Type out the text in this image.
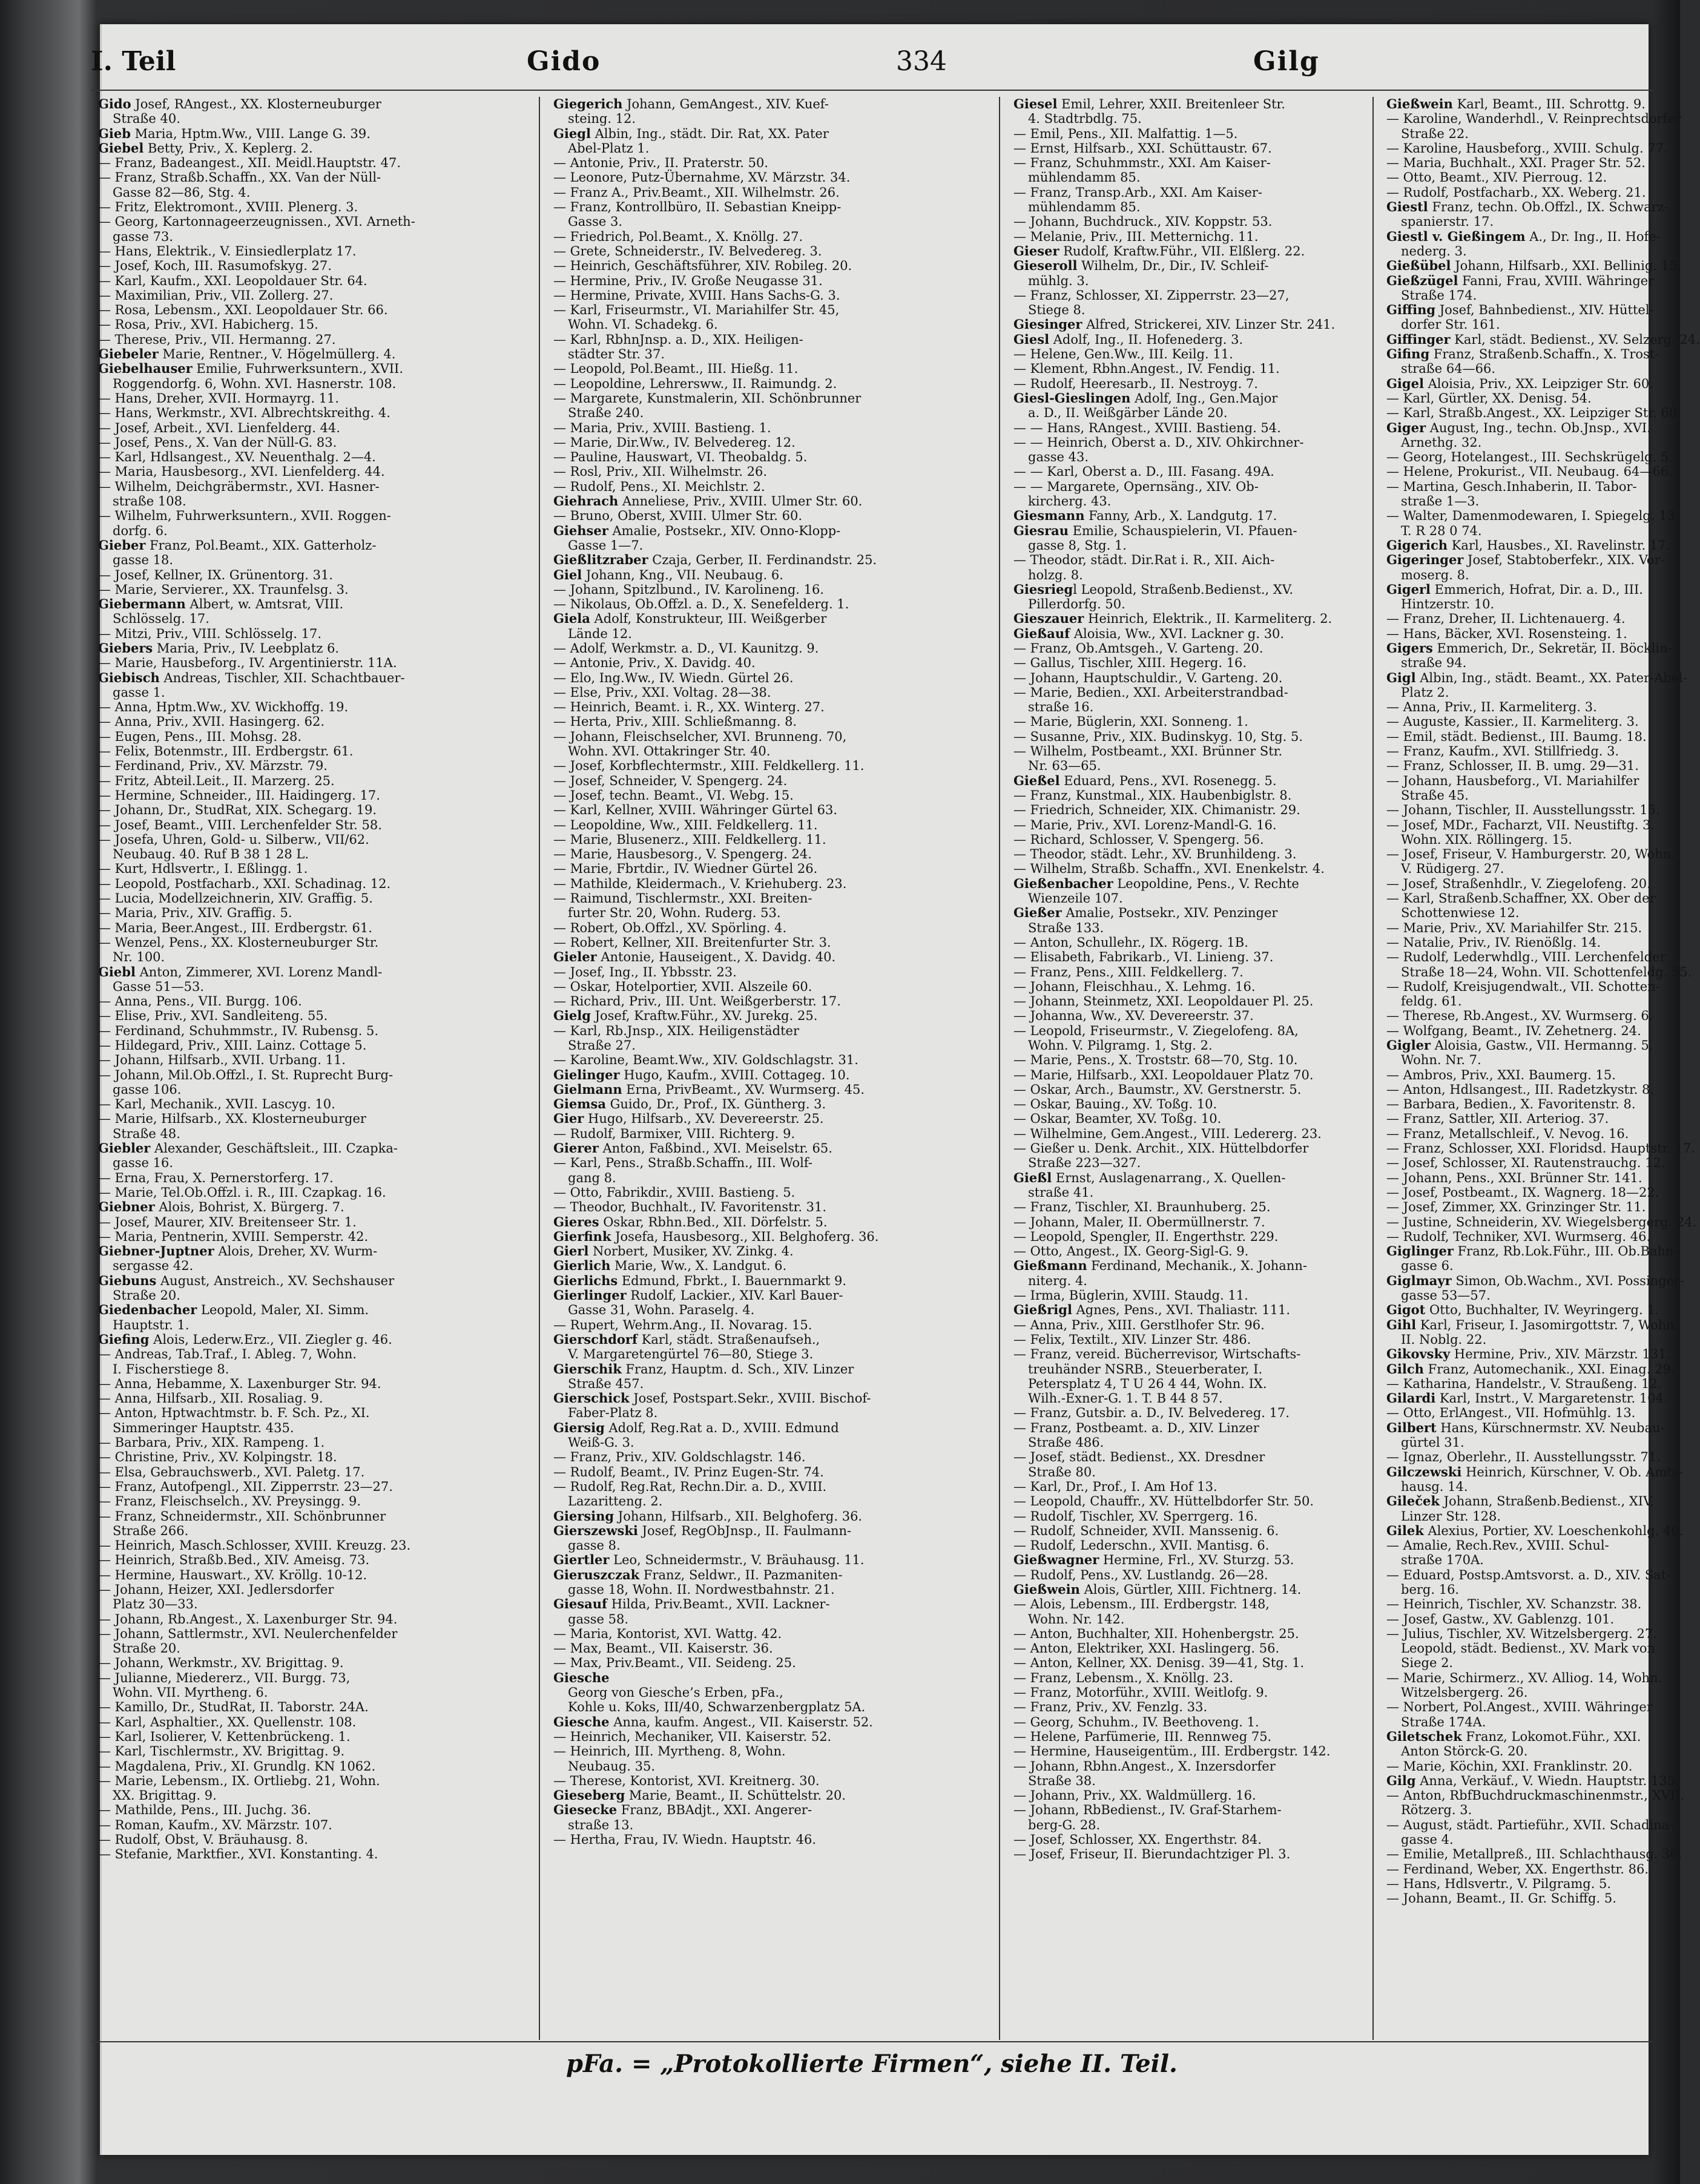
I. Teil	Gido	334	Gilg
Gido Josef, RAngest., XX. Klosterneuburger
Straße 40.
Gieb Maria, Hptm.Ww., VIII. Lange G. 39.
Giebel Betty, Priv., X. Keplerg. 2.
— Franz, Badeangest., XII. Meidl.Hauptstr. 47.
— Franz, Straßb.Schaffn., XX. Van der Nüll-
Gasse 82—86, Stg. 4.
— Fritz, Elektromont., XVIII. Plenerg. 3.
— Georg, Kartonnageerzeugnissen., XVI. Arneth-
gasse 73.
— Hans, Elektrik., V. Einsiedlerplatz 17.
— Josef, Koch, III. Rasumofskyg. 27.
— Karl, Kaufm., XXI. Leopoldauer Str. 64.
— Maximilian, Priv., VII. Zollerg. 27.
— Rosa, Lebensm., XXI. Leopoldauer Str. 66.
— Rosa, Priv., XVI. Habicherg. 15.
— Therese, Priv., VII. Hermanng. 27.
Giebeler Marie, Rentner., V. Högelmüllerg. 4.
Giebelhauser Emilie, Fuhrwerksuntern., XVII.
Roggendorfg. 6, Wohn. XVI. Hasnerstr. 108.
— Hans, Dreher, XVII. Hormayrg. 11.
— Hans, Werkmstr., XVI. Albrechtskreithg. 4.
— Josef, Arbeit., XVI. Lienfelderg. 44.
— Josef, Pens., X. Van der Nüll-G. 83.
— Karl, Hdlsangest., XV. Neuenthalg. 2—4.
— Maria, Hausbesorg., XVI. Lienfelderg. 44.
— Wilhelm, Deichgräbermstr., XVI. Hasner-
straße 108.
— Wilhelm, Fuhrwerksuntern., XVII. Roggen-
dorfg. 6.
Gieber Franz, Pol.Beamt., XIX. Gatterholz-
gasse 18.
— Josef, Kellner, IX. Grünentorg. 31.
— Marie, Servierer., XX. Traunfelsg. 3.
Giebermann Albert, w. Amtsrat, VIII.
Schlösselg. 17.
— Mitzi, Priv., VIII. Schlösselg. 17.
Giebers Maria, Priv., IV. Leebplatz 6.
— Marie, Hausbeforg., IV. Argentinierstr. 11A.
Giebisch Andreas, Tischler, XII. Schachtbauer-
gasse 1.
— Anna, Hptm.Ww., XV. Wickhoffg. 19.
— Anna, Priv., XVII. Hasingerg. 62.
— Eugen, Pens., III. Mohsg. 28.
— Felix, Botenmstr., III. Erdbergstr. 61.
— Ferdinand, Priv., XV. Märzstr. 79.
— Fritz, Abteil.Leit., II. Marzerg. 25.
— Hermine, Schneider., III. Haidingerg. 17.
— Johann, Dr., StudRat, XIX. Schegarg. 19.
— Josef, Beamt., VIII. Lerchenfelder Str. 58.
— Josefa, Uhren, Gold- u. Silberw., VII/62.
Neubaug. 40. Ruf B 38 1 28 L.
— Kurt, Hdlsvertr., I. Eßlingg. 1.
— Leopold, Postfacharb., XXI. Schadinag. 12.
— Lucia, Modellzeichnerin, XIV. Graffig. 5.
— Maria, Priv., XIV. Graffig. 5.
— Maria, Beer.Angest., III. Erdbergstr. 61.
— Wenzel, Pens., XX. Klosterneuburger Str.
Nr. 100.
Giebl Anton, Zimmerer, XVI. Lorenz Mandl-
Gasse 51—53.
— Anna, Pens., VII. Burgg. 106.
— Elise, Priv., XVI. Sandleiteng. 55.
— Ferdinand, Schuhmmstr., IV. Rubensg. 5.
— Hildegard, Priv., XIII. Lainz. Cottage 5.
— Johann, Hilfsarb., XVII. Urbang. 11.
— Johann, Mil.Ob.Offzl., I. St. Ruprecht Burg-
gasse 106.
— Karl, Mechanik., XVII. Lascyg. 10.
— Marie, Hilfsarb., XX. Klosterneuburger
Straße 48.
Giebler Alexander, Geschäftsleit., III. Czapka-
gasse 16.
— Erna, Frau, X. Pernerstorferg. 17.
— Marie, Tel.Ob.Offzl. i. R., III. Czapkag. 16.
Giebner Alois, Bohrist, X. Bürgerg. 7.
— Josef, Maurer, XIV. Breitenseer Str. 1.
— Maria, Pentnerin, XVIII. Semperstr. 42.
Giebner-Juptner Alois, Dreher, XV. Wurm-
sergasse 42.
Giebuns August, Anstreich., XV. Sechshauser
Straße 20.
Giedenbacher Leopold, Maler, XI. Simm.
Hauptstr. 1.
Giefing Alois, Lederw.Erz., VII. Ziegler g. 46.
— Andreas, Tab.Traf., I. Ableg. 7, Wohn.
I. Fischerstiege 8.
— Anna, Hebamme, X. Laxenburger Str. 94.
— Anna, Hilfsarb., XII. Rosaliag. 9.
— Anton, Hptwachtmstr. b. F. Sch. Pz., XI.
Simmeringer Hauptstr. 435.
— Barbara, Priv., XIX. Rampeng. 1.
— Christine, Priv., XV. Kolpingstr. 18.
— Elsa, Gebrauchswerb., XVI. Paletg. 17.
— Franz, Autofpengl., XII. Zipperrstr. 23—27.
— Franz, Fleischselch., XV. Preysingg. 9.
— Franz, Schneidermstr., XII. Schönbrunner
Straße 266.
— Heinrich, Masch.Schlosser, XVIII. Kreuzg. 23.
— Heinrich, Straßb.Bed., XIV. Ameisg. 73.
— Hermine, Hauswart., XV. Kröllg. 10-12.
— Johann, Heizer, XXI. Jedlersdorfer
Platz 30—33.
— Johann, Rb.Angest., X. Laxenburger Str. 94.
— Johann, Sattlermstr., XVI. Neulerchenfelder
Straße 20.
— Johann, Werkmstr., XV. Brigittag. 9.
— Julianne, Miedererz., VII. Burgg. 73,
Wohn. VII. Myrtheng. 6.
— Kamillo, Dr., StudRat, II. Taborstr. 24A.
— Karl, Asphaltier., XX. Quellenstr. 108.
— Karl, Isolierer, V. Kettenbrückeng. 1.
— Karl, Tischlermstr., XV. Brigittag. 9.
— Magdalena, Priv., XI. Grundlg. KN 1062.
— Marie, Lebensm., IX. Ortliebg. 21, Wohn.
XX. Brigittag. 9.
— Mathilde, Pens., III. Juchg. 36.
— Roman, Kaufm., XV. Märzstr. 107.
— Rudolf, Obst, V. Bräuhausg. 8.
— Stefanie, Marktfier., XVI. Konstanting. 4.
Giegerich Johann, GemAngest., XIV. Kuef-
steing. 12.
Giegl Albin, Ing., städt. Dir. Rat, XX. Pater
Abel-Platz 1.
— Antonie, Priv., II. Praterstr. 50.
— Leonore, Putz-Übernahme, XV. Märzstr. 34.
— Franz A., Priv.Beamt., XII. Wilhelmstr. 26.
— Franz, Kontrollbüro, II. Sebastian Kneipp-
Gasse 3.
— Friedrich, Pol.Beamt., X. Knöllg. 27.
— Grete, Schneiderstr., IV. Belvedereg. 3.
— Heinrich, Geschäftsführer, XIV. Robileg. 20.
— Hermine, Priv., IV. Große Neugasse 31.
— Hermine, Private, XVIII. Hans Sachs-G. 3.
— Karl, Friseurmstr., VI. Mariahilfer Str. 45,
Wohn. VI. Schadekg. 6.
— Karl, RbhnJnsp. a. D., XIX. Heiligen-
städter Str. 37.
— Leopold, Pol.Beamt., III. Hießg. 11.
— Leopoldine, Lehrersww., II. Raimundg. 2.
— Margarete, Kunstmalerin, XII. Schönbrunner
Straße 240.
— Maria, Priv., XVIII. Bastieng. 1.
— Marie, Dir.Ww., IV. Belvedereg. 12.
— Pauline, Hauswart, VI. Theobaldg. 5.
— Rosl, Priv., XII. Wilhelmstr. 26.
— Rudolf, Pens., XI. Meichlstr. 2.
Giehrach Anneliese, Priv., XVIII. Ulmer Str. 60.
— Bruno, Oberst, XVIII. Ulmer Str. 60.
Giehser Amalie, Postsekr., XIV. Onno-Klopp-
Gasse 1—7.
Gießlitzraber Czaja, Gerber, II. Ferdinandstr. 25.
Giel Johann, Kng., VII. Neubaug. 6.
— Johann, Spitzlbund., IV. Karolineng. 16.
— Nikolaus, Ob.Offzl. a. D., X. Senefelderg. 1.
Giela Adolf, Konstrukteur, III. Weißgerber
Lände 12.
— Adolf, Werkmstr. a. D., VI. Kaunitzg. 9.
— Antonie, Priv., X. Davidg. 40.
— Elo, Ing.Ww., IV. Wiedn. Gürtel 26.
— Else, Priv., XXI. Voltag. 28—38.
— Heinrich, Beamt. i. R., XX. Winterg. 27.
— Herta, Priv., XIII. Schließmanng. 8.
— Johann, Fleischselcher, XVI. Brunneng. 70,
Wohn. XVI. Ottakringer Str. 40.
— Josef, Korbflechtermstr., XIII. Feldkellerg. 11.
— Josef, Schneider, V. Spengerg. 24.
— Josef, techn. Beamt., VI. Webg. 15.
— Karl, Kellner, XVIII. Währinger Gürtel 63.
— Leopoldine, Ww., XIII. Feldkellerg. 11.
— Marie, Blusenerz., XIII. Feldkellerg. 11.
— Marie, Hausbesorg., V. Spengerg. 24.
— Marie, Fbrtdir., IV. Wiedner Gürtel 26.
— Mathilde, Kleidermach., V. Kriehuberg. 23.
— Raimund, Tischlermstr., XXI. Breiten-
furter Str. 20, Wohn. Ruderg. 53.
— Robert, Ob.Offzl., XV. Spörling. 4.
— Robert, Kellner, XII. Breitenfurter Str. 3.
Gieler Antonie, Hauseigent., X. Davidg. 40.
— Josef, Ing., II. Ybbsstr. 23.
— Oskar, Hotelportier, XVII. Alszeile 60.
— Richard, Priv., III. Unt. Weißgerberstr. 17.
Gielg Josef, Kraftw.Führ., XV. Jurekg. 25.
— Karl, Rb.Jnsp., XIX. Heiligenstädter
Straße 27.
— Karoline, Beamt.Ww., XIV. Goldschlagstr. 31.
Gielinger Hugo, Kaufm., XVIII. Cottageg. 10.
Gielmann Erna, PrivBeamt., XV. Wurmserg. 45.
Giemsa Guido, Dr., Prof., IX. Güntherg. 3.
Gier Hugo, Hilfsarb., XV. Devereerstr. 25.
— Rudolf, Barmixer, VIII. Richterg. 9.
Gierer Anton, Faßbind., XVI. Meiselstr. 65.
— Karl, Pens., Straßb.Schaffn., III. Wolf-
gang 8.
— Otto, Fabrikdir., XVIII. Bastieng. 5.
— Theodor, Buchhalt., IV. Favoritenstr. 31.
Gieres Oskar, Rbhn.Bed., XII. Dörfelstr. 5.
Gierfink Josefa, Hausbesorg., XII. Belghoferg. 36.
Gierl Norbert, Musiker, XV. Zinkg. 4.
Gierlich Marie, Ww., X. Landgut. 6.
Gierlichs Edmund, Fbrkt., I. Bauernmarkt 9.
Gierlinger Rudolf, Lackier., XIV. Karl Bauer-
Gasse 31, Wohn. Paraselg. 4.
— Rupert, Wehrm.Ang., II. Novarag. 15.
Gierschdorf Karl, städt. Straßenaufseh.,
V. Margaretengürtel 76—80, Stiege 3.
Gierschik Franz, Hauptm. d. Sch., XIV. Linzer
Straße 457.
Gierschick Josef, Postspart.Sekr., XVIII. Bischof-
Faber-Platz 8.
Giersig Adolf, Reg.Rat a. D., XVIII. Edmund
Weiß-G. 3.
— Franz, Priv., XIV. Goldschlagstr. 146.
— Rudolf, Beamt., IV. Prinz Eugen-Str. 74.
— Rudolf, Reg.Rat, Rechn.Dir. a. D., XVIII.
Lazaritteng. 2.
Giersing Johann, Hilfsarb., XII. Belghoferg. 36.
Gierszewski Josef, RegObJnsp., II. Faulmann-
gasse 8.
Giertler Leo, Schneidermstr., V. Bräuhausg. 11.
Gieruszczak Franz, Seldwr., II. Pazmaniten-
gasse 18, Wohn. II. Nordwestbahnstr. 21.
Giesauf Hilda, Priv.Beamt., XVII. Lackner-
gasse 58.
— Maria, Kontorist, XVI. Wattg. 42.
— Max, Beamt., VII. Kaiserstr. 36.
— Max, Priv.Beamt., VII. Seideng. 25.
Giesche
Georg von Giesche’s Erben, pFa.,
Kohle u. Koks, III/40, Schwarzenbergplatz 5A.
Giesche Anna, kaufm. Angest., VII. Kaiserstr. 52.
— Heinrich, Mechaniker, VII. Kaiserstr. 52.
— Heinrich, III. Myrtheng. 8, Wohn.
Neubaug. 35.
— Therese, Kontorist, XVI. Kreitnerg. 30.
Gieseberg Marie, Beamt., II. Schüttelstr. 20.
Giesecke Franz, BBAdjt., XXI. Angerer-
straße 13.
— Hertha, Frau, IV. Wiedn. Hauptstr. 46.
Giesel Emil, Lehrer, XXII. Breitenleer Str.
4. Stadtrbdlg. 75.
— Emil, Pens., XII. Malfattig. 1—5.
— Ernst, Hilfsarb., XXI. Schüttaustr. 67.
— Franz, Schuhmmstr., XXI. Am Kaiser-
mühlendamm 85.
— Franz, Transp.Arb., XXI. Am Kaiser-
mühlendamm 85.
— Johann, Buchdruck., XIV. Koppstr. 53.
— Melanie, Priv., III. Metternichg. 11.
Gieser Rudolf, Kraftw.Führ., VII. Elßlerg. 22.
Gieseroll Wilhelm, Dr., Dir., IV. Schleif-
mühlg. 3.
— Franz, Schlosser, XI. Zipperrstr. 23—27,
Stiege 8.
Giesinger Alfred, Strickerei, XIV. Linzer Str. 241.
Giesl Adolf, Ing., II. Hofenederg. 3.
— Helene, Gen.Ww., III. Keilg. 11.
— Klement, Rbhn.Angest., IV. Fendig. 11.
— Rudolf, Heeresarb., II. Nestroyg. 7.
Giesl-Gieslingen Adolf, Ing., Gen.Major
a. D., II. Weißgärber Lände 20.
— — Hans, RAngest., XVIII. Bastieng. 54.
— — Heinrich, Oberst a. D., XIV. Ohkirchner-
gasse 43.
— — Karl, Oberst a. D., III. Fasang. 49A.
— — Margarete, Opernsäng., XIV. Ob-
kircherg. 43.
Giesmann Fanny, Arb., X. Landgutg. 17.
Giesrau Emilie, Schauspielerin, VI. Pfauen-
gasse 8, Stg. 1.
— Theodor, städt. Dir.Rat i. R., XII. Aich-
holzg. 8.
Giesriegl Leopold, Straßenb.Bedienst., XV.
Pillerdorfg. 50.
Gieszauer Heinrich, Elektrik., II. Karmeliterg. 2.
Gießauf Aloisia, Ww., XVI. Lackner g. 30.
— Franz, Ob.Amtsgeh., V. Garteng. 20.
— Gallus, Tischler, XIII. Hegerg. 16.
— Johann, Hauptschuldir., V. Garteng. 20.
— Marie, Bedien., XXI. Arbeiterstrandbad-
straße 16.
— Marie, Büglerin, XXI. Sonneng. 1.
— Susanne, Priv., XIX. Budinskyg. 10, Stg. 5.
— Wilhelm, Postbeamt., XXI. Brünner Str.
Nr. 63—65.
Gießel Eduard, Pens., XVI. Rosenegg. 5.
— Franz, Kunstmal., XIX. Haubenbiglstr. 8.
— Friedrich, Schneider, XIX. Chimanistr. 29.
— Marie, Priv., XVI. Lorenz-Mandl-G. 16.
— Richard, Schlosser, V. Spengerg. 56.
— Theodor, städt. Lehr., XV. Brunhildeng. 3.
— Wilhelm, Straßb. Schaffn., XVI. Enenkelstr. 4.
Gießenbacher Leopoldine, Pens., V. Rechte
Wienzeile 107.
Gießer Amalie, Postsekr., XIV. Penzinger
Straße 133.
— Anton, Schullehr., IX. Rögerg. 1B.
— Elisabeth, Fabrikarb., VI. Linieng. 37.
— Franz, Pens., XIII. Feldkellerg. 7.
— Johann, Fleischhau., X. Lehmg. 16.
— Johann, Steinmetz, XXI. Leopoldauer Pl. 25.
— Johanna, Ww., XV. Devereerstr. 37.
— Leopold, Friseurmstr., V. Ziegelofeng. 8A,
Wohn. V. Pilgramg. 1, Stg. 2.
— Marie, Pens., X. Troststr. 68—70, Stg. 10.
— Marie, Hilfsarb., XXI. Leopoldauer Platz 70.
— Oskar, Arch., Baumstr., XV. Gerstnerstr. 5.
— Oskar, Bauing., XV. Toßg. 10.
— Oskar, Beamter, XV. Toßg. 10.
— Wilhelmine, Gem.Angest., VIII. Ledererg. 23.
— Gießer u. Denk. Archit., XIX. Hüttelbdorfer
Straße 223—327.
Gießl Ernst, Auslagenarrang., X. Quellen-
straße 41.
— Franz, Tischler, XI. Braunhuberg. 25.
— Johann, Maler, II. Obermüllnerstr. 7.
— Leopold, Spengler, II. Engerthstr. 229.
— Otto, Angest., IX. Georg-Sigl-G. 9.
Gießmann Ferdinand, Mechanik., X. Johann-
niterg. 4.
— Irma, Büglerin, XVIII. Staudg. 11.
Gießrigl Agnes, Pens., XVI. Thaliastr. 111.
— Anna, Priv., XIII. Gerstlhofer Str. 96.
— Felix, Textilt., XIV. Linzer Str. 486.
— Franz, vereid. Bücherrevisor, Wirtschafts-
treuhänder NSRB., Steuerberater, I.
Petersplatz 4, T U 26 4 44, Wohn. IX.
Wilh.-Exner-G. 1. T. B 44 8 57.
— Franz, Gutsbir. a. D., IV. Belvedereg. 17.
— Franz, Postbeamt. a. D., XIV. Linzer
Straße 486.
— Josef, städt. Bedienst., XX. Dresdner
Straße 80.
— Karl, Dr., Prof., I. Am Hof 13.
— Leopold, Chauffr., XV. Hüttelbdorfer Str. 50.
— Rudolf, Tischler, XV. Sperrgerg. 16.
— Rudolf, Schneider, XVII. Manssenig. 6.
— Rudolf, Lederschn., XVII. Mantisg. 6.
Gießwagner Hermine, Frl., XV. Sturzg. 53.
— Rudolf, Pens., XV. Lustlandg. 26—28.
Gießwein Alois, Gürtler, XIII. Fichtnerg. 14.
— Alois, Lebensm., III. Erdbergstr. 148,
Wohn. Nr. 142.
— Anton, Buchhalter, XII. Hohenbergstr. 25.
— Anton, Elektriker, XXI. Haslingerg. 56.
— Anton, Kellner, XX. Denisg. 39—41, Stg. 1.
— Franz, Lebensm., X. Knöllg. 23.
— Franz, Motorführ., XVIII. Weitlofg. 9.
— Franz, Priv., XV. Fenzlg. 33.
— Georg, Schuhm., IV. Beethoveng. 1.
— Helene, Parfümerie, III. Rennweg 75.
— Hermine, Hauseigentüm., III. Erdbergstr. 142.
— Johann, Rbhn.Angest., X. Inzersdorfer
Straße 38.
— Johann, Priv., XX. Waldmüllerg. 16.
— Johann, RbBedienst., IV. Graf-Starhem-
berg-G. 28.
— Josef, Schlosser, XX. Engerthstr. 84.
— Josef, Friseur, II. Bierundachtziger Pl. 3.
Gießwein Karl, Beamt., III. Schrottg. 9.
— Karoline, Wanderhdl., V. Reinprechtsdorfer
Straße 22.
— Karoline, Hausbeforg., XVIII. Schulg. 77.
— Maria, Buchhalt., XXI. Prager Str. 52.
— Otto, Beamt., XIV. Pierroug. 12.
— Rudolf, Postfacharb., XX. Weberg. 21.
Giestl Franz, techn. Ob.Offzl., IX. Schwarz-
spanierstr. 17.
Giestl v. Gießingem A., Dr. Ing., II. Hofe-
nederg. 3.
Gießübel Johann, Hilfsarb., XXI. Bellinig. 15.
Gießzügel Fanni, Frau, XVIII. Währinger
Straße 174.
Giffing Josef, Bahnbedienst., XIV. Hüttel-
dorfer Str. 161.
Giffinger Karl, städt. Bedienst., XV. Selzerg. 24.
Gifing Franz, Straßenb.Schaffn., X. Trost-
straße 64—66.
Gigel Aloisia, Priv., XX. Leipziger Str. 60.
— Karl, Gürtler, XX. Denisg. 54.
— Karl, Straßb.Angest., XX. Leipziger Str. 60.
Giger August, Ing., techn. Ob.Jnsp., XVI.
Arnethg. 32.
— Georg, Hotelangest., III. Sechskrügelg. 5.
— Helene, Prokurist., VII. Neubaug. 64—66.
— Martina, Gesch.Inhaberin, II. Tabor-
straße 1—3.
— Walter, Damenmodewaren, I. Spiegelg. 13.
T. R 28 0 74.
Gigerich Karl, Hausbes., XI. Ravelinstr. 17.
Gigeringer Josef, Stabtoberfekr., XIX. Vor-
moserg. 8.
Gigerl Emmerich, Hofrat, Dir. a. D., III.
Hintzerstr. 10.
— Franz, Dreher, II. Lichtenauerg. 4.
— Hans, Bäcker, XVI. Rosensteing. 1.
Gigers Emmerich, Dr., Sekretär, II. Böcklin-
straße 94.
Gigl Albin, Ing., städt. Beamt., XX. Pater-Abel-
Platz 2.
— Anna, Priv., II. Karmeliterg. 3.
— Auguste, Kassier., II. Karmeliterg. 3.
— Emil, städt. Bedienst., III. Baumg. 18.
— Franz, Kaufm., XVI. Stillfriedg. 3.
— Franz, Schlosser, II. B. umg. 29—31.
— Johann, Hausbeforg., VI. Mariahilfer
Straße 45.
— Johann, Tischler, II. Ausstellungsstr. 15.
— Josef, MDr., Facharzt, VII. Neustiftg. 3.
Wohn. XIX. Röllingerg. 15.
— Josef, Friseur, V. Hamburgerstr. 20, Wohn.
V. Rüdigerg. 27.
— Josef, Straßenhdlr., V. Ziegelofeng. 20.
— Karl, Straßenb.Schaffner, XX. Ober der
Schottenwiese 12.
— Marie, Priv., XV. Mariahilfer Str. 215.
— Natalie, Priv., IV. Rienößlg. 14.
— Rudolf, Lederwhdlg., VIII. Lerchenfelder
Straße 18—24, Wohn. VII. Schottenfeldg. 55.
— Rudolf, Kreisjugendwalt., VII. Schotten-
feldg. 61.
— Therese, Rb.Angest., XV. Wurmserg. 6.
— Wolfgang, Beamt., IV. Zehetnerg. 24.
Gigler Aloisia, Gastw., VII. Hermanng. 5,
Wohn. Nr. 7.
— Ambros, Priv., XXI. Baumerg. 15.
— Anton, Hdlsangest., III. Radetzkystr. 8.
— Barbara, Bedien., X. Favoritenstr. 8.
— Franz, Sattler, XII. Arteriog. 37.
— Franz, Metallschleif., V. Nevog. 16.
— Franz, Schlosser, XXI. Floridsd. Hauptstr. 17.
— Josef, Schlosser, XI. Rautenstrauchg. 12.
— Johann, Pens., XXI. Brünner Str. 141.
— Josef, Postbeamt., IX. Wagnerg. 18—22.
— Josef, Zimmer, XX. Grinzinger Str. 11.
— Justine, Schneiderin, XV. Wiegelsbergerg. 24.
— Rudolf, Techniker, XVI. Wurmserg. 46.
Giglinger Franz, Rb.Lok.Führ., III. Ob.Bahn-
gasse 6.
Giglmayr Simon, Ob.Wachm., XVI. Possinger-
gasse 53—57.
Gigot Otto, Buchhalter, IV. Weyringerg. 1.
Gihl Karl, Friseur, I. Jasomirgottstr. 7, Wohn.
II. Noblg. 22.
Gikovsky Hermine, Priv., XIV. Märzstr. 131.
Gilch Franz, Automechanik., XXI. Einag. 29.
— Katharina, Handelstr., V. Straußeng. 12.
Gilardi Karl, Instrt., V. Margaretenstr. 104.
— Otto, ErlAngest., VII. Hofmühlg. 13.
Gilbert Hans, Kürschnermstr. XV. Neubau-
gürtel 31.
— Ignaz, Oberlehr., II. Ausstellungsstr. 71.
Gilczewski Heinrich, Kürschner, V. Ob. Amts-
hausg. 14.
Gileček Johann, Straßenb.Bedienst., XIV.
Linzer Str. 128.
Gilek Alexius, Portier, XV. Loeschenkohlg. 40.
— Amalie, Rech.Rev., XVIII. Schul-
straße 170A.
— Eduard, Postsp.Amtsvorst. a. D., XIV. Sat-
berg. 16.
— Heinrich, Tischler, XV. Schanzstr. 38.
— Josef, Gastw., XV. Gablenzg. 101.
— Julius, Tischler, XV. Witzelsbergerg. 27.
Leopold, städt. Bedienst., XV. Mark von
Siege 2.
— Marie, Schirmerz., XV. Alliog. 14, Wohn.
Witzelsbergerg. 26.
— Norbert, Pol.Angest., XVIII. Währinger
Straße 174A.
Giletschek Franz, Lokomot.Führ., XXI.
Anton Störck-G. 20.
— Marie, Köchin, XXI. Franklinstr. 20.
Gilg Anna, Verkäuf., V. Wiedn. Hauptstr. 135.
— Anton, RbfBuchdruckmaschinenmstr., XVII.
Rötzerg. 3.
— August, städt. Partieführ., XVII. Schadina-
gasse 4.
— Emilie, Metallpreß., III. Schlachthausg. 36.
— Ferdinand, Weber, XX. Engerthstr. 86.
— Hans, Hdlsvertr., V. Pilgramg. 5.
— Johann, Beamt., II. Gr. Schiffg. 5.
pFa. = „Protokollierte Firmen“, siehe II. Teil.
